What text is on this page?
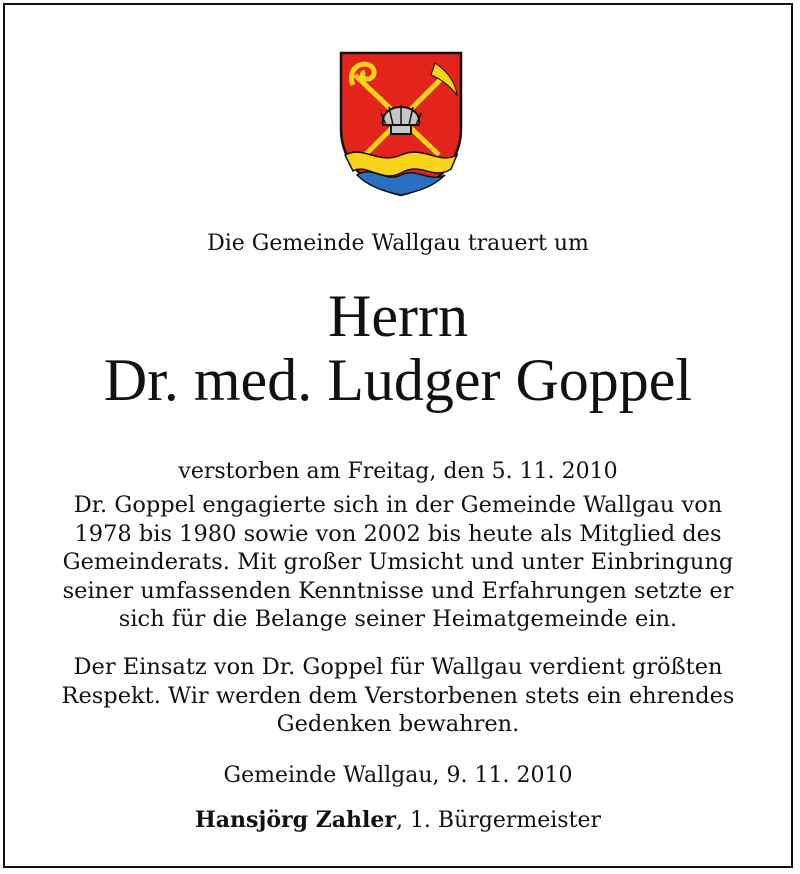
Die Gemeinde Wallgau trauert um
Herrn
Dr. med. Ludger Goppel
verstorben am Freitag, den 5. 11. 2010
Dr. Goppel engagierte sich in der Gemeinde Wallgau von
1978 bis 1980 sowie von 2002 bis heute als Mitglied des
Gemeinderats. Mit großer Umsicht und unter Einbringung
seiner umfassenden Kenntnisse und Erfahrungen setzte er
sich für die Belange seiner Heimatgemeinde ein.
Der Einsatz von Dr. Goppel für Wallgau verdient größten
Respekt. Wir werden dem Verstorbenen stets ein ehrendes
Gedenken bewahren.
Gemeinde Wallgau, 9. 11. 2010
Hansjörg Zahler, 1. Bürgermeister
